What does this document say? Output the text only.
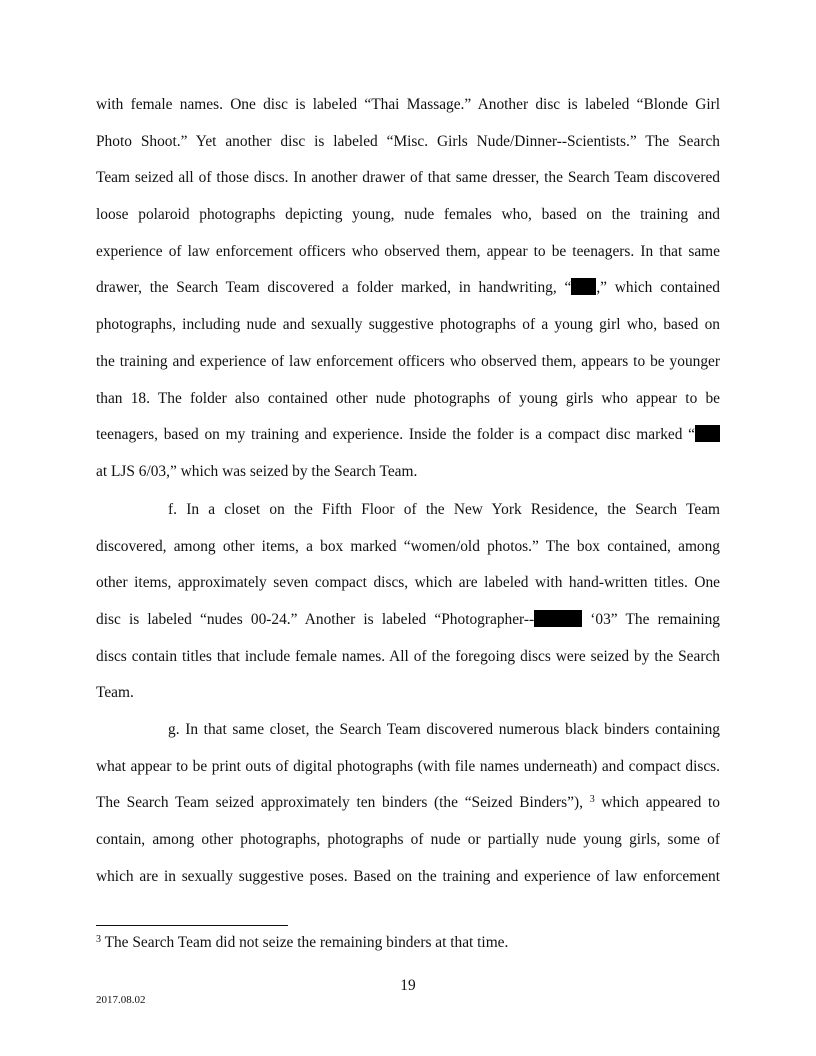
with female names. One disc is labeled “Thai Massage.” Another disc is labeled “Blonde Girl
Photo Shoot.” Yet another disc is labeled “Misc. Girls Nude/Dinner--Scientists.” The Search
Team seized all of those discs. In another drawer of that same dresser, the Search Team discovered
loose polaroid photographs depicting young, nude females who, based on the training and
experience of law enforcement officers who observed them, appear to be teenagers. In that same
drawer, the Search Team discovered a folder marked, in handwriting, “ ,” which contained
photographs, including nude and sexually suggestive photographs of a young girl who, based on
the training and experience of law enforcement officers who observed them, appears to be younger
than 18. The folder also contained other nude photographs of young girls who appear to be
teenagers, based on my training and experience. Inside the folder is a compact disc marked “
at LJS 6/03,” which was seized by the Search Team.
f. In a closet on the Fifth Floor of the New York Residence, the Search Team
discovered, among other items, a box marked “women/old photos.” The box contained, among
other items, approximately seven compact discs, which are labeled with hand-written titles. One
disc is labeled “nudes 00-24.” Another is labeled “Photographer--	‘03” The remaining
discs contain titles that include female names. All of the foregoing discs were seized by the Search
Team.
g. In that same closet, the Search Team discovered numerous black binders containing
what appear to be print outs of digital photographs (with file names underneath) and compact discs.
The Search Team seized approximately ten binders (the “Seized Binders”), $^3$ which appeared to
contain, among other photographs, photographs of nude or partially nude young girls, some of
which are in sexually suggestive poses. Based on the training and experience of law enforcement
$^3$ The Search Team did not seize the remaining binders at that time.
19
2017.08.02
